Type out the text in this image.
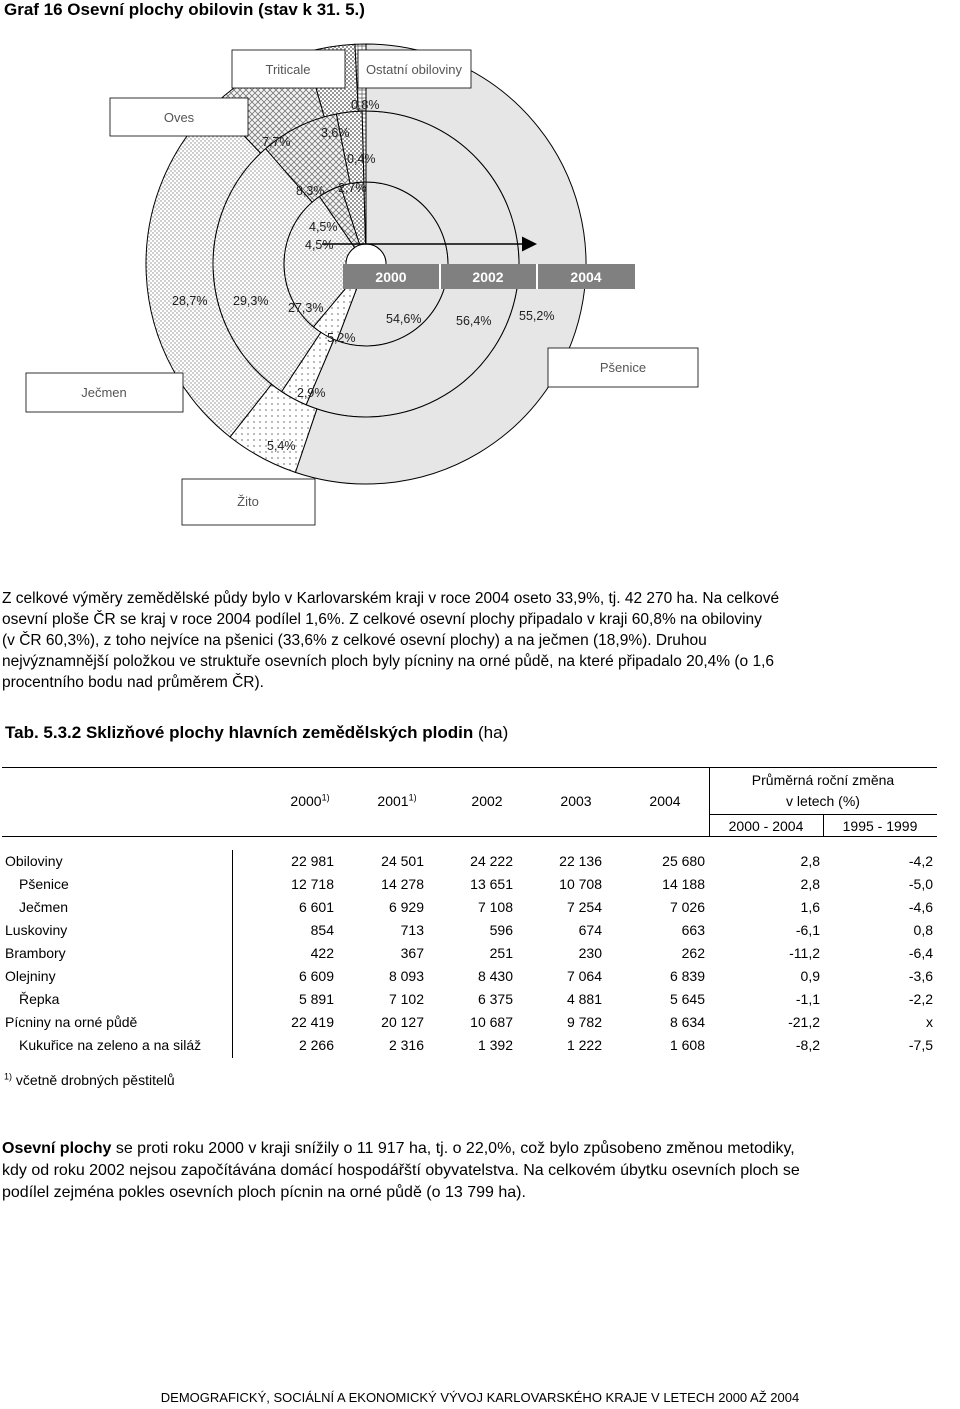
Graf 16 Osevní plochy obilovin (stav k 31. 5.)
Triticale	Ostatní obiloviny
Oves
Ječmen
Pšenice
Žito
2000	2002	2004
0,8%
3,6%
7,7%
0,4%
8,3% 2,7%
4,5%
4,5%
28,7% 29,3% 27,3%
54,6%	56,4% 55,2%
5,2%
2,9%
5,4%
Z celkové výměry zemědělské půdy bylo v Karlovarském kraji v roce 2004 oseto 33,9%, tj. 42 270 ha. Na celkové
osevní ploše ČR se kraj v roce 2004 podílel 1,6%. Z celkové osevní plochy připadalo v kraji 60,8% na obiloviny
(v ČR 60,3%), z toho nejvíce na pšenici (33,6% z celkové osevní plochy) a na ječmen (18,9%). Druhou
nejvýznamnější položkou ve struktuře osevních ploch byly pícniny na orné půdě, na které připadalo 20,4% (o 1,6
procentního bodu nad průměrem ČR).
Tab. 5.3.2 Sklizňové plochy hlavních zemědělských plodin (ha)
2000$^{1)}$	2001$^{1)}$	2002	2003	2004
Průměrná roční změna
v letech (%)
2000 - 2004	1995 - 1999
Obiloviny	22 981	24 501	24 222	22 136	25 680	2,8	-4,2
Pšenice	12 718	14 278	13 651	10 708	14 188	2,8	-5,0
Ječmen	6 601	6 929	7 108	7 254	7 026	1,6	-4,6
Luskoviny	854	713	596	674	663	-6,1	0,8
Brambory	422	367	251	230	262	-11,2	-6,4
Olejniny	6 609	8 093	8 430	7 064	6 839	0,9	-3,6
Řepka	5 891	7 102	6 375	4 881	5 645	-1,1	-2,2
Pícniny na orné půdě	22 419	20 127	10 687	9 782	8 634	-21,2	x
Kukuřice na zeleno a na siláž	2 266	2 316	1 392	1 222	1 608	-8,2	-7,5
$^{1)}$ včetně drobných pěstitelů
Osevní plochy se proti roku 2000 v kraji snížily o 11 917 ha, tj. o 22,0%, což bylo způsobeno změnou metodiky,
kdy od roku 2002 nejsou započítávána domácí hospodářští obyvatelstva. Na celkovém úbytku osevních ploch se
podílel zejména pokles osevních ploch pícnin na orné půdě (o 13 799 ha).
DEMOGRAFICKÝ, SOCIÁLNÍ A EKONOMICKÝ VÝVOJ KARLOVARSKÉHO KRAJE V LETECH 2000 AŽ 2004
